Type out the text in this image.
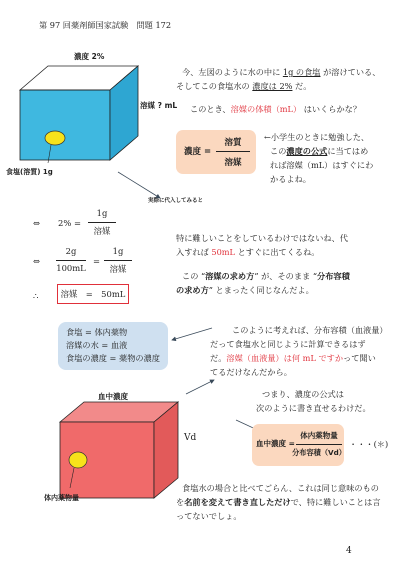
第 97 回薬剤師国家試験　問題 172
濃度 2%
溶媒 ? mL
食塩(溶質) 1g
今、左図のように水の中に 1g の食塩 が溶けている、
そしてこの食塩水の 濃度は 2% だ。
このとき、溶媒の体積（mL） はいくらかな？
濃度 =
溶質
溶媒
←小学生のときに勉強した、
この濃度の公式に当てはめ
れば溶媒（mL）はすぐにわ
かるよね。
実際に代入してみると
⇔ 2% =
1g
溶媒
⇔
2g
100mL
=
1g
溶媒
∴	溶媒　=　50mL
特に難しいことをしているわけではないね、代
入すれば 50mL とすぐに出てくるね。
この “溶媒の求め方” が、そのまま “分布容積
の求め方” とまったく同じなんだよ。
食塩 = 体内薬物
溶媒の水 = 血液
食塩の濃度 = 薬物の濃度
このように考えれば、分布容積（血液量）
だって食塩水と同じように計算できるはず
だ。溶媒（血液量）は何 mL ですかって聞い
てるだけなんだから。
血中濃度
Vd
体内薬物量
つまり、濃度の公式は
次のように書き直せるわけだ。
血中濃度 =
体内薬物量
分布容積（Vd）
・・・(＊)
食塩水の場合と比べてごらん、これは同じ意味のもの
を名前を変えて書き直しただけで、特に難しいことは言
ってないでしょ。
4
